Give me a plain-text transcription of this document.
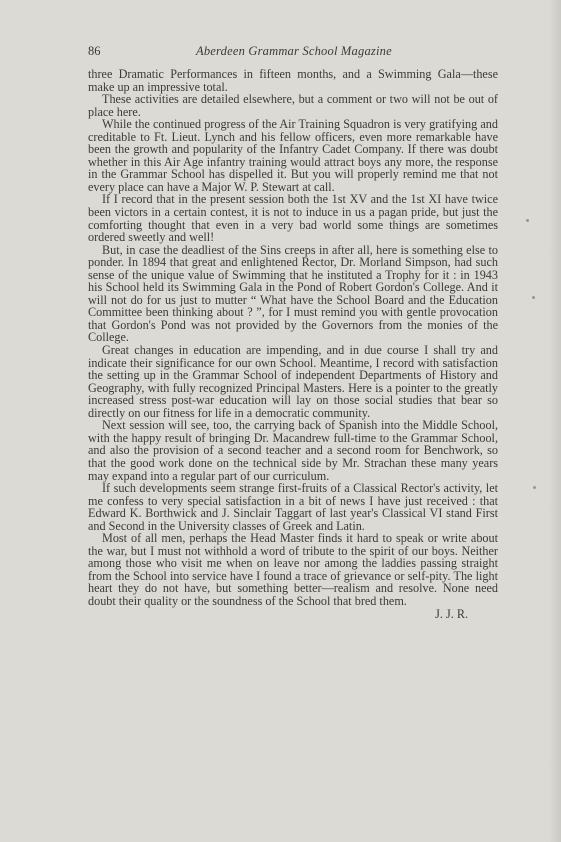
86	Aberdeen Grammar School Magazine

three Dramatic Performances in fifteen months, and a Swimming Gala—these make up an impressive total.

These activities are detailed elsewhere, but a comment or two will not be out of place here.

While the continued progress of the Air Training Squadron is very gratifying and creditable to Ft. Lieut. Lynch and his fellow officers, even more remarkable have been the growth and popularity of the Infantry Cadet Company. If there was doubt whether in this Air Age infantry training would attract boys any more, the response in the Grammar School has dispelled it. But you will properly remind me that not every place can have a Major W. P. Stewart at call.

If I record that in the present session both the 1st XV and the 1st XI have twice been victors in a certain contest, it is not to induce in us a pagan pride, but just the comforting thought that even in a very bad world some things are sometimes ordered sweetly and well!

But, in case the deadliest of the Sins creeps in after all, here is something else to ponder. In 1894 that great and enlightened Rector, Dr. Morland Simpson, had such sense of the unique value of Swimming that he instituted a Trophy for it : in 1943 his School held its Swimming Gala in the Pond of Robert Gordon's College. And it will not do for us just to mutter “ What have the School Board and the Education Committee been thinking about ? ”, for I must remind you with gentle provocation that Gordon's Pond was not provided by the Governors from the monies of the College.

Great changes in education are impending, and in due course I shall try and indicate their significance for our own School. Meantime, I record with satisfaction the setting up in the Grammar School of independent Departments of History and Geography, with fully recognized Principal Masters. Here is a pointer to the greatly increased stress post-war education will lay on those social studies that bear so directly on our fitness for life in a democratic community.

Next session will see, too, the carrying back of Spanish into the Middle School, with the happy result of bringing Dr. Macandrew full-time to the Grammar School, and also the provision of a second teacher and a second room for Benchwork, so that the good work done on the technical side by Mr. Strachan these many years may expand into a regular part of our curriculum.

If such developments seem strange first-fruits of a Classical Rector's activity, let me confess to very special satisfaction in a bit of news I have just received : that Edward K. Borthwick and J. Sinclair Taggart of last year's Classical VI stand First and Second in the University classes of Greek and Latin.

Most of all men, perhaps the Head Master finds it hard to speak or write about the war, but I must not withhold a word of tribute to the spirit of our boys. Neither among those who visit me when on leave nor among the laddies passing straight from the School into service have I found a trace of grievance or self-pity. The light heart they do not have, but something better—realism and resolve. None need doubt their quality or the soundness of the School that bred them.

J. J. R.
